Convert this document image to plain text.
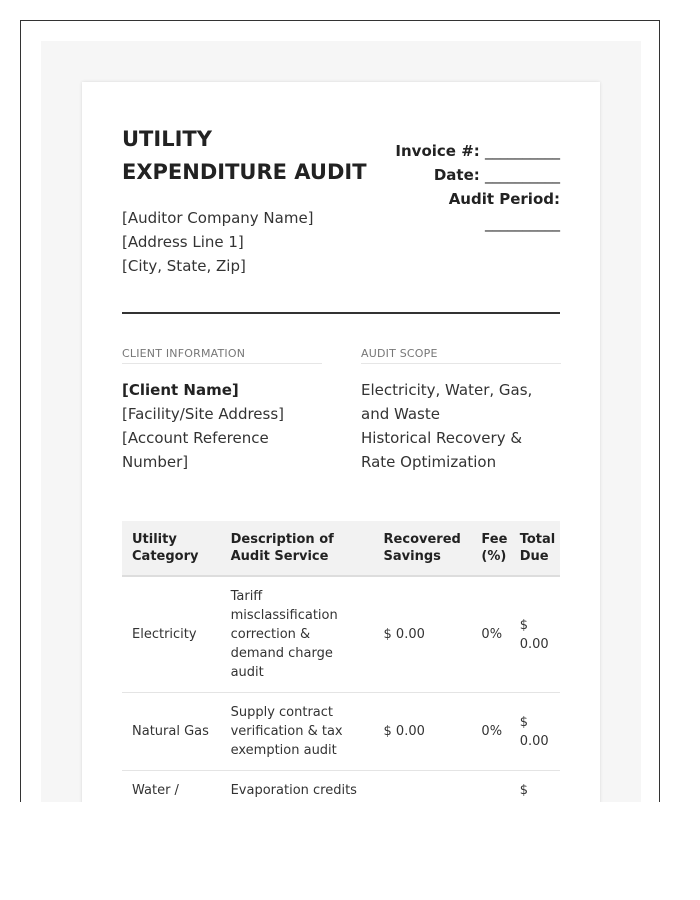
UTILITY EXPENDITURE AUDIT
[Auditor Company Name]
[Address Line 1]
[City, State, Zip]
Invoice #: __________
Date: __________
Audit Period:
__________
CLIENT INFORMATION
[Client Name]
[Facility/Site Address]
[Account Reference Number]
AUDIT SCOPE
Electricity, Water, Gas, and Waste
Historical Recovery & Rate Optimization
Utility Category	Description of Audit Service	Recovered Savings	Fee (%)	Total Due
Electricity	Tariff misclassification correction & demand charge audit	$ 0.00	0%	$ 0.00
Natural Gas	Supply contract verification & tax exemption audit	$ 0.00	0%	$ 0.00
Water /	Evaporation credits			$
